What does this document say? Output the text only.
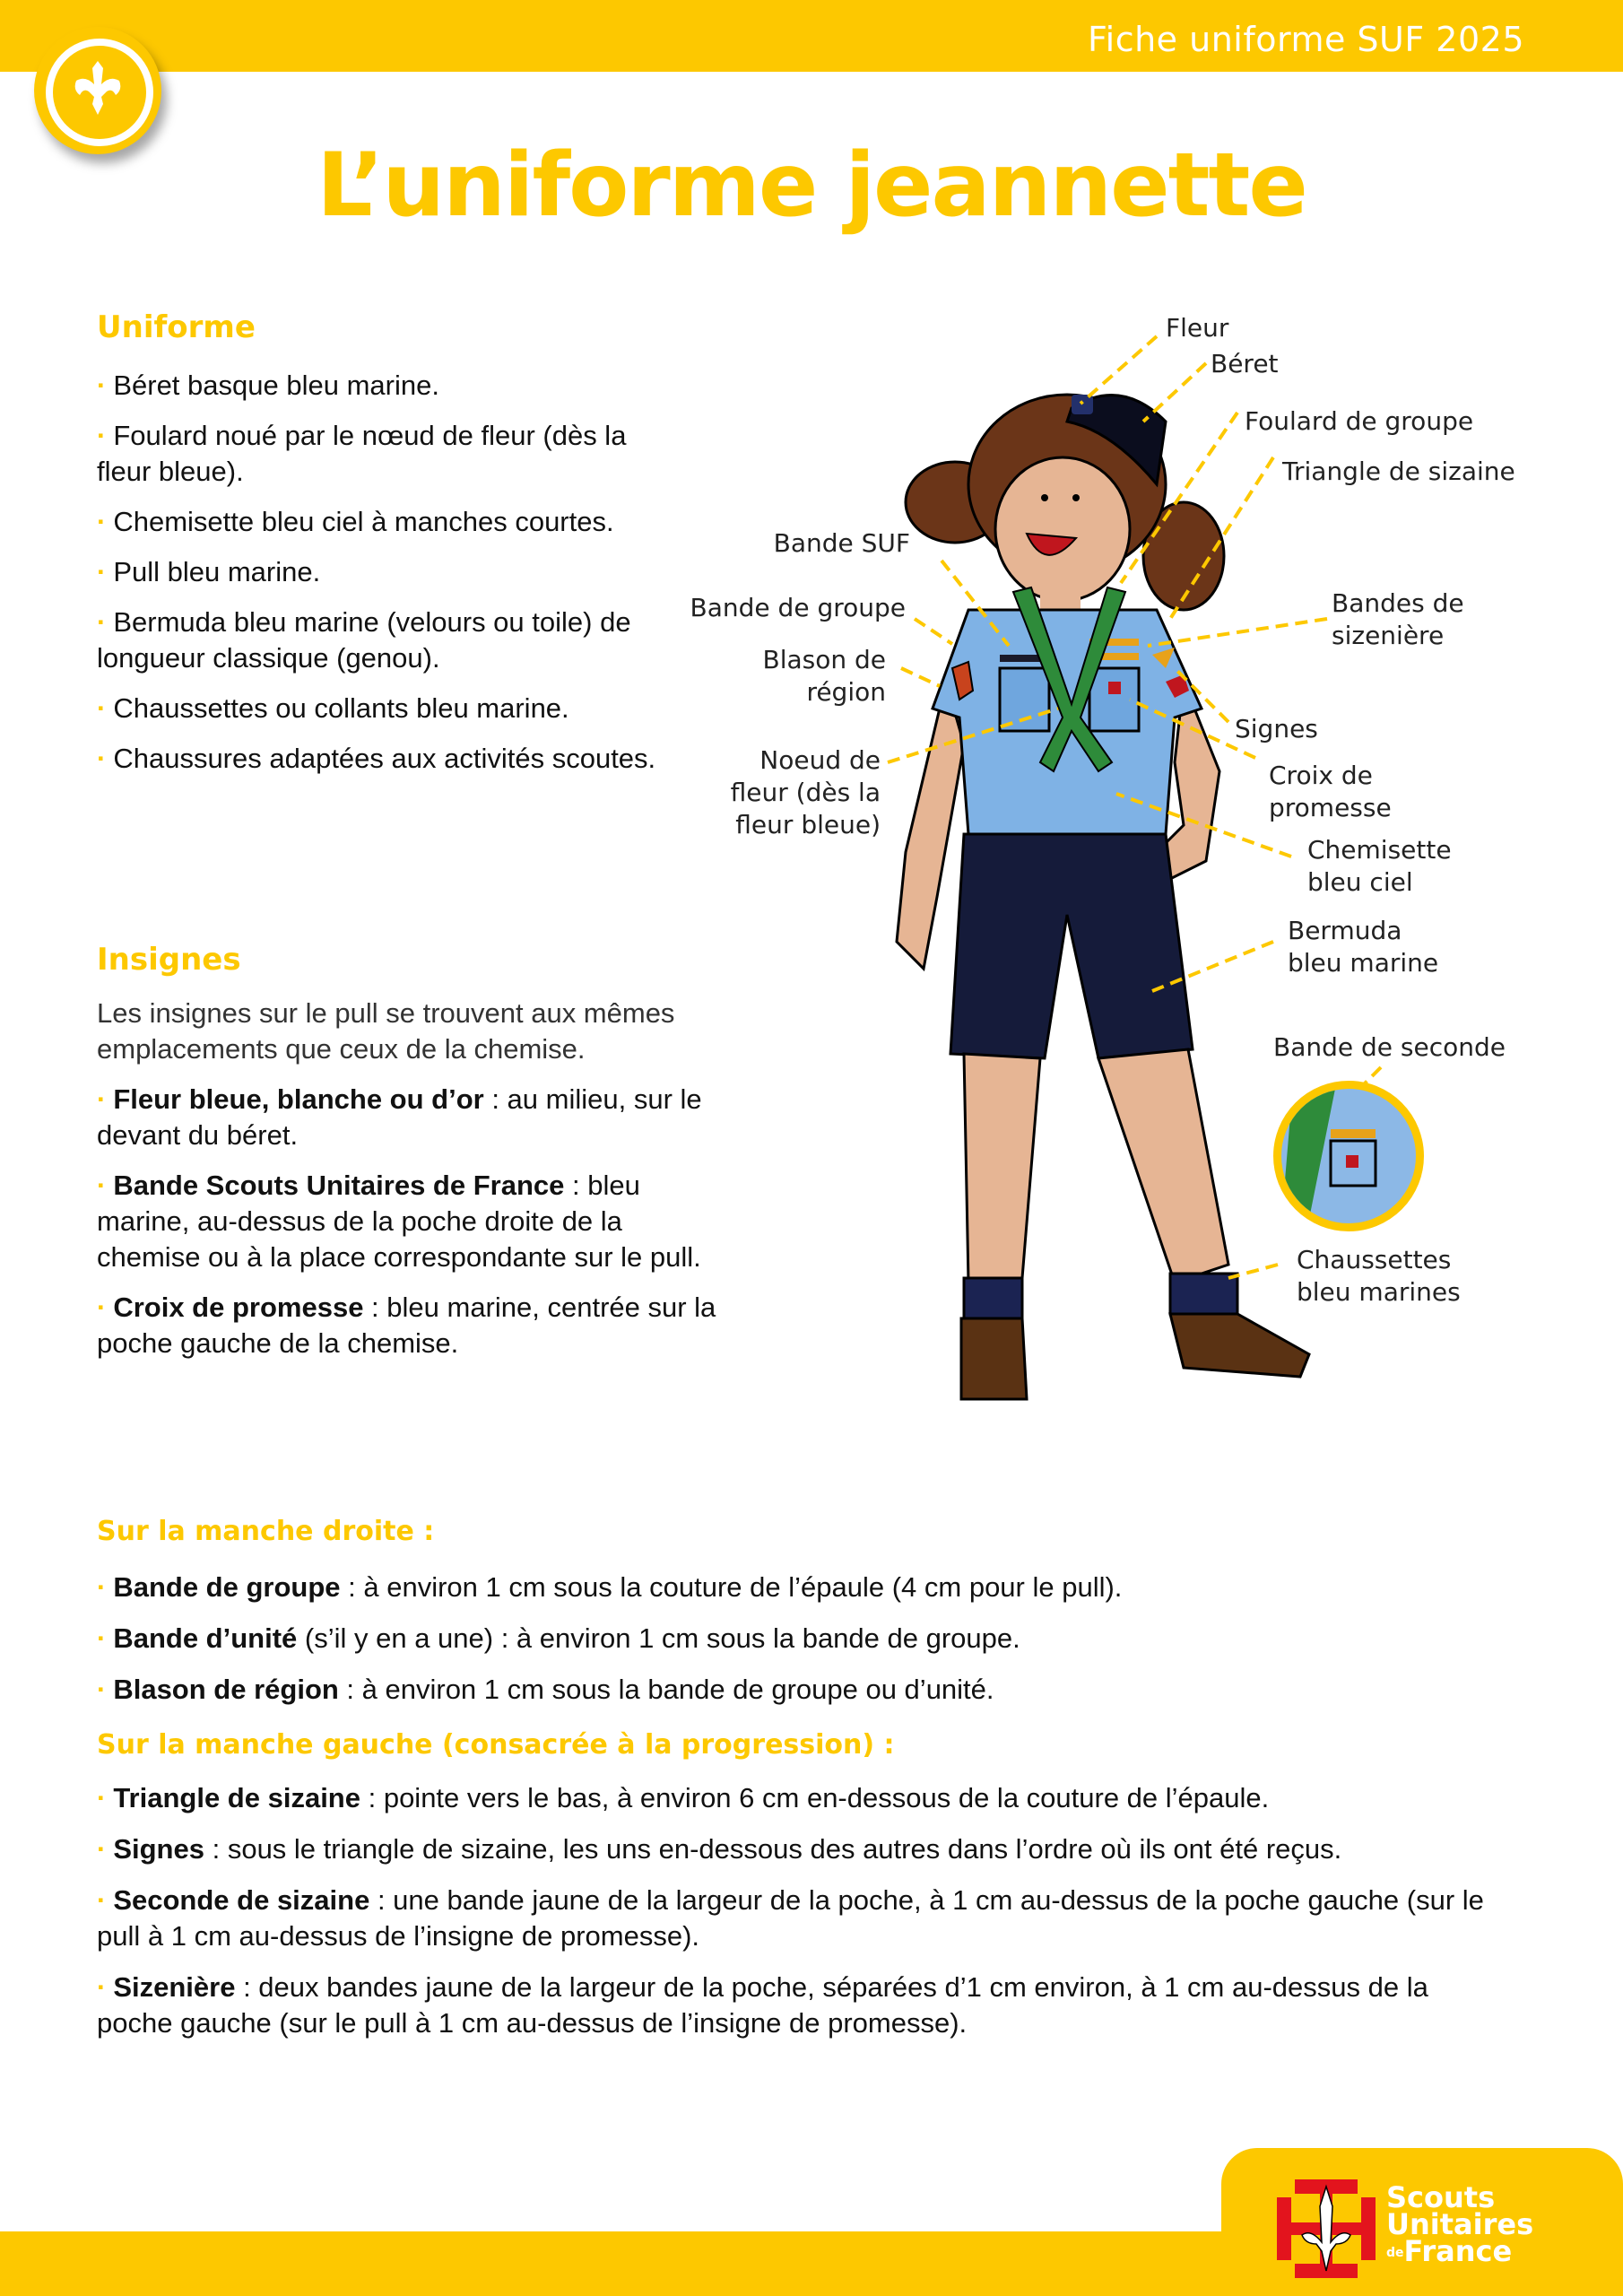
Fiche uniforme SUF 2025
L’uniforme jeannette
Uniforme

· Béret basque bleu marine.

· Foulard noué par le nœud de fleur (dès la fleur bleue).

· Chemisette bleu ciel à manches courtes.

· Pull bleu marine.

· Bermuda bleu marine (velours ou toile) de longueur classique (genou).

· Chaussettes ou collants bleu marine.

· Chaussures adaptées aux activités scoutes.

Insignes

Les insignes sur le pull se trouvent aux mêmes emplacements que ceux de la chemise.

· Fleur bleue, blanche ou d’or : au milieu, sur le devant du béret.

· Bande Scouts Unitaires de France : bleu marine, au-dessus de la poche droite de la chemise ou à la place correspondante sur le pull.

· Croix de promesse : bleu marine, centrée sur la poche gauche de la chemise.

Sur la manche droite :

· Bande de groupe : à environ 1 cm sous la couture de l’épaule (4 cm pour le pull).

· Bande d’unité (s’il y en a une) : à environ 1 cm sous la bande de groupe.

· Blason de région : à environ 1 cm sous la bande de groupe ou d’unité.

Sur la manche gauche (consacrée à la progression) :

· Triangle de sizaine : pointe vers le bas, à environ 6 cm en-dessous de la couture de l’épaule.

· Signes : sous le triangle de sizaine, les uns en-dessous des autres dans l’ordre où ils ont été reçus.

· Seconde de sizaine : une bande jaune de la largeur de la poche, à 1 cm au-dessus de la poche gauche (sur le pull à 1 cm au-dessus de l’insigne de promesse).

· Sizenière : deux bandes jaune de la largeur de la poche, séparées d’1 cm environ, à 1 cm au-dessus de la poche gauche (sur le pull à 1 cm au-dessus de l’insigne de promesse).

Fleur
Béret
Foulard de groupe
Triangle de sizaine
Bande SUF
Bande de groupe
Blason de région
Bandes de sizenière
Signes
Croix de promesse
Noeud de fleur (dès la fleur bleue)
Chemisette bleu ciel
Bermuda bleu marine
Bande de seconde
Chaussettes bleu marines
Scouts
Unitaires
deFrance
